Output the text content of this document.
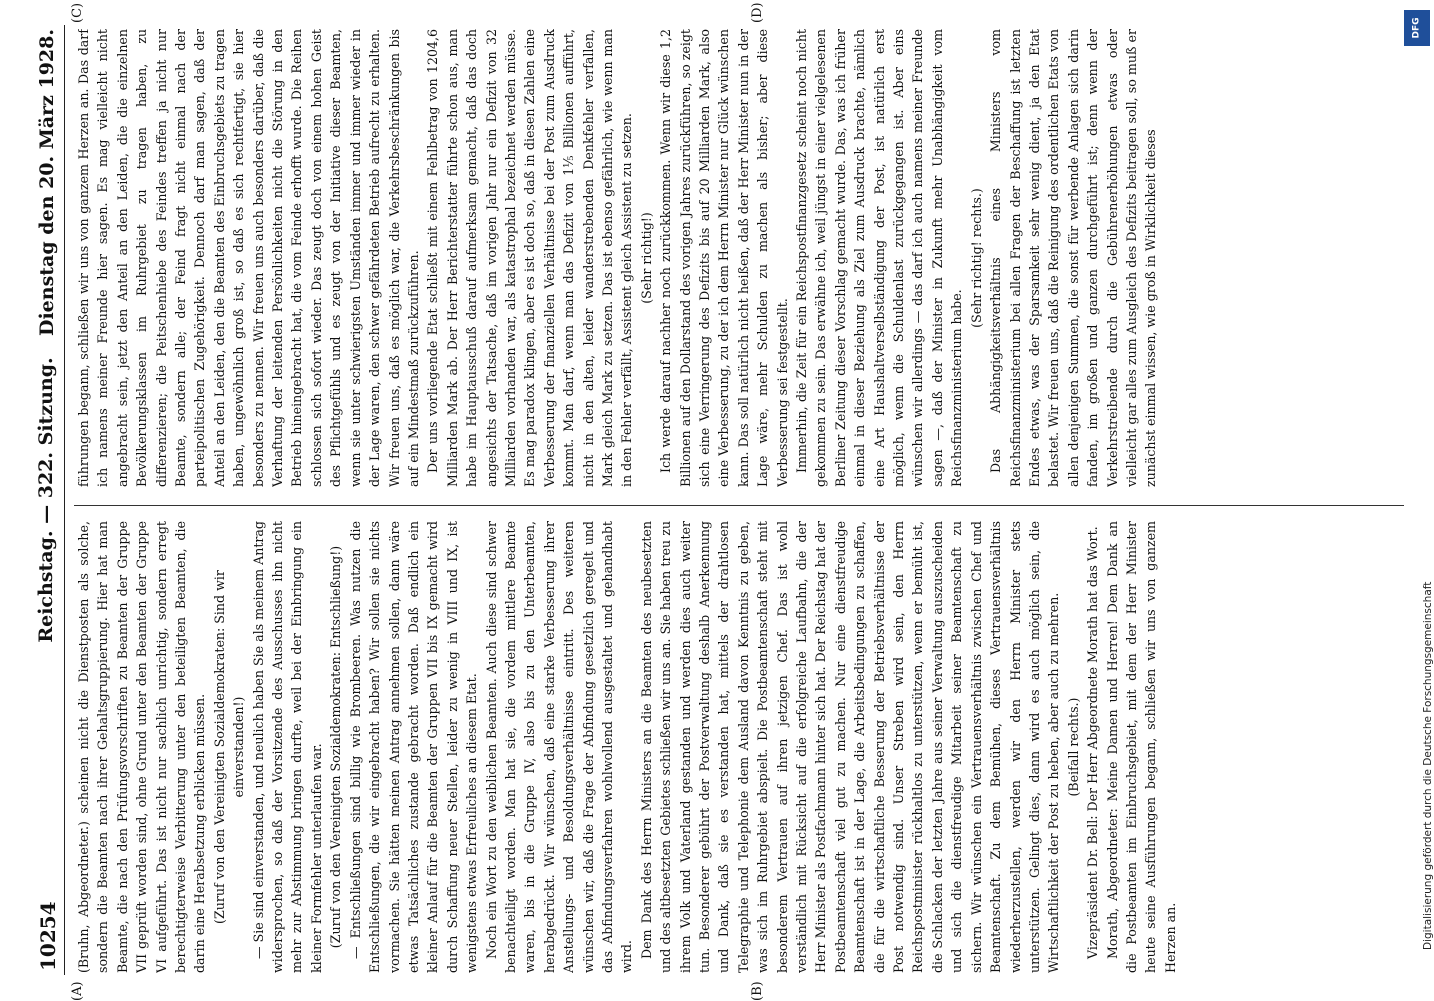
10254
Reichstag. — 322. Sitzung.
Dienstag den 20. März 1928.
(A)	(B)
(C)	(D)

(Bruhn, Abgeordneter.) scheinen nicht die Dienstposten als solche, sondern die Beamten nach ihrer Gehaltsgruppierung. Hier hat man Beamte, die nach den Prüfungsvorschriften zu Beamten der Gruppe VII geprüft worden sind, ohne Grund unter den Beamten der Gruppe VI aufgeführt. Das ist nicht nur sachlich unrichtig, sondern erregt berechtigterweise Verbitterung unter den beteiligten Beamten, die darin eine Herabsetzung erblicken müssen. (Zuruf von den Vereinigten Sozialdemokraten: Sind wir einverstanden!) — Sie sind einverstanden, und neulich haben Sie als meinem Antrag widersprochen, so daß der Vorsitzende des Ausschusses ihn nicht mehr zur Abstimmung bringen durfte, weil bei der Einbringung ein kleiner Formfehler unterlaufen war. (Zuruf von den Vereinigten Sozialdemokraten: Entschließung!) — Entschließungen sind billig wie Brombeeren. Was nutzen die Entschließungen, die wir eingebracht haben? Wir sollen sie nichts vormachen. Sie hätten meinen Antrag annehmen sollen, dann wäre etwas Tatsächliches zustande gebracht worden. Daß endlich ein kleiner Anlauf für die Beamten der Gruppen VII bis IX gemacht wird durch Schaffung neuer Stellen, leider zu wenig in VIII und IX, ist wenigstens etwas Erfreuliches an diesem Etat. Noch ein Wort zu den weiblichen Beamten. Auch diese sind schwer benachteiligt worden. Man hat sie, die vordem mittlere Beamte waren, bis in die Gruppe IV, also bis zu den Unterbeamten, herabgedrückt. Wir wünschen, daß eine starke Verbesserung ihrer Anstellungs- und Besoldungsverhältnisse eintritt. Des weiteren wünschen wir, daß die Frage der Abfindung gesetzlich geregelt und das Abfindungsverfahren wohlwollend ausgestaltet und gehandhabt wird. Dem Dank des Herrn Ministers an die Beamten des neubesetzten und des altbesetzten Gebietes schließen wir uns an. Sie haben treu zu ihrem Volk und Vaterland gestanden und werden dies auch weiter tun. Besonderer gebührt der Postverwaltung deshalb Anerkennung und Dank, daß sie es verstanden hat, mittels der drahtlosen Telegraphie und Telephonie dem Ausland davon Kenntnis zu geben, was sich im Ruhrgebiet abspielt. Die Postbeamtenschaft steht mit besonderem Vertrauen auf ihren jetzigen Chef. Das ist wohl verständlich mit Rücksicht auf die erfolgreiche Laufbahn, die der Herr Minister als Postfachmann hinter sich hat. Der Reichstag hat der Postbeamtenschaft viel gut zu machen. Nur eine dienstfreudige Beamtenschaft ist in der Lage, die Arbeitsbedingungen zu schaffen, die für die wirtschaftliche Besserung der Betriebsverhältnisse der Post notwendig sind. Unser Streben wird sein, den Herrn Reichspostminister rückhaltlos zu unterstützen, wenn er bemüht ist, die Schlacken der letzten Jahre aus seiner Verwaltung auszuscheiden und sich die dienstfreudige Mitarbeit seiner Beamtenschaft zu sichern. Wir wünschen ein Vertrauensverhältnis zwischen Chef und Beamtenschaft. Zu dem Bemühen, dieses Vertrauensverhältnis wiederherzustellen, werden wir den Herrn Minister stets unterstützen. Gelingt dies, dann wird es auch möglich sein, die Wirtschaftlichkeit der Post zu heben, aber auch zu mehren. (Beifall rechts.) Vizepräsident Dr. Bell: Der Herr Abgeordnete Morath hat das Wort. Morath, Abgeordneter: Meine Damen und Herren! Dem Dank an die Postbeamten im Einbruchsgebiet, mit dem der Herr Minister heute seine Ausführungen begann, schließen wir uns von ganzem Herzen an.

führungen begann, schließen wir uns von ganzem Herzen an. Das darf ich namens meiner Freunde hier sagen. Es mag vielleicht nicht angebracht sein, jetzt den Anteil an den Leiden, die die einzelnen Bevölkerungsklassen im Ruhrgebiet zu tragen haben, zu differenzieren; die Peitschenhiebe des Feindes treffen ja nicht nur Beamte, sondern alle; der Feind fragt nicht einmal nach der parteipolitischen Zugehörigkeit. Dennoch darf man sagen, daß der Anteil an den Leiden, den die Beamten des Einbruchsgebiets zu tragen haben, ungewöhnlich groß ist, so daß es sich rechtfertigt, sie hier besonders zu nennen. Wir freuen uns auch besonders darüber, daß die Verhaftung der leitenden Persönlichkeiten nicht die Störung in den Betrieb hineingebracht hat, die vom Feinde erhofft wurde. Die Reihen schlossen sich sofort wieder. Das zeugt doch von einem hohen Geist des Pflichtgefühls und es zeugt von der Initiative dieser Beamten, wenn sie unter schwierigsten Umständen immer und immer wieder in der Lage waren, den schwer gefährdeten Betrieb aufrecht zu erhalten. Wir freuen uns, daß es möglich war, die Verkehrsbeschränkungen bis auf ein Mindestmaß zurückzuführen. Der uns vorliegende Etat schließt mit einem Fehlbetrag von 1204,6 Milliarden Mark ab. Der Herr Berichterstatter führte schon aus, man habe im Hauptausschuß darauf aufmerksam gemacht, daß das doch angesichts der Tatsache, daß im vorigen Jahr nur ein Defizit von 32 Milliarden vorhanden war, als katastrophal bezeichnet werden müsse. Es mag paradox klingen, aber es ist doch so, daß in diesen Zahlen eine Verbesserung der finanziellen Verhältnisse bei der Post zum Ausdruck kommt. Man darf, wenn man das Defizit von 1⅕ Billionen aufführt, nicht in den alten, leider wanderstrebenden Denkfehler verfallen, Mark gleich Mark zu setzen. Das ist ebenso gefährlich, wie wenn man in den Fehler verfällt, Assistent gleich Assistent zu setzen. (Sehr richtig!) Ich werde darauf nachher noch zurückkommen. Wenn wir diese 1,2 Billionen auf den Dollarstand des vorigen Jahres zurückführen, so zeigt sich eine Verringerung des Defizits bis auf 20 Milliarden Mark, also eine Verbesserung, zu der ich dem Herrn Minister nur Glück wünschen kann. Das soll natürlich nicht heißen, daß der Herr Minister nun in der Lage wäre, mehr Schulden zu machen als bisher; aber diese Verbesserung sei festgestellt. Immerhin, die Zeit für ein Reichspostfinanzgesetz scheint noch nicht gekommen zu sein. Das erwähne ich, weil jüngst in einer vielgelesenen Berliner Zeitung dieser Vorschlag gemacht wurde. Das, was ich früher einmal in dieser Beziehung als Ziel zum Ausdruck brachte, nämlich eine Art Haushaltverselbständigung der Post, ist natürlich erst möglich, wenn die Schuldenlast zurückgegangen ist. Aber eins wünschen wir allerdings — das darf ich auch namens meiner Freunde sagen —, daß der Minister in Zukunft mehr Unabhängigkeit vom Reichsfinanzministerium habe.

(Sehr richtig! rechts.) Das Abhängigkeitsverhältnis eines Ministers vom Reichsfinanzministerium bei allen Fragen der Beschaffung ist letzten Endes etwas, was der Sparsamkeit sehr wenig dient, ja den Etat belastet. Wir freuen uns, daß die Reinigung des ordentlichen Etats von allen denjenigen Summen, die sonst für werbende Anlagen sich darin fanden, im großen und ganzen durchgeführt ist; denn wenn der Verkehrstreibende durch die Gebührenerhöhungen etwas oder vielleicht gar alles zum Ausgleich des Defizits beitragen soll, so muß er zunächst einmal wissen, wie groß in Wirklichkeit dieses

DFG
Digitalisierung gefördert durch die Deutsche Forschungsgemeinschaft
